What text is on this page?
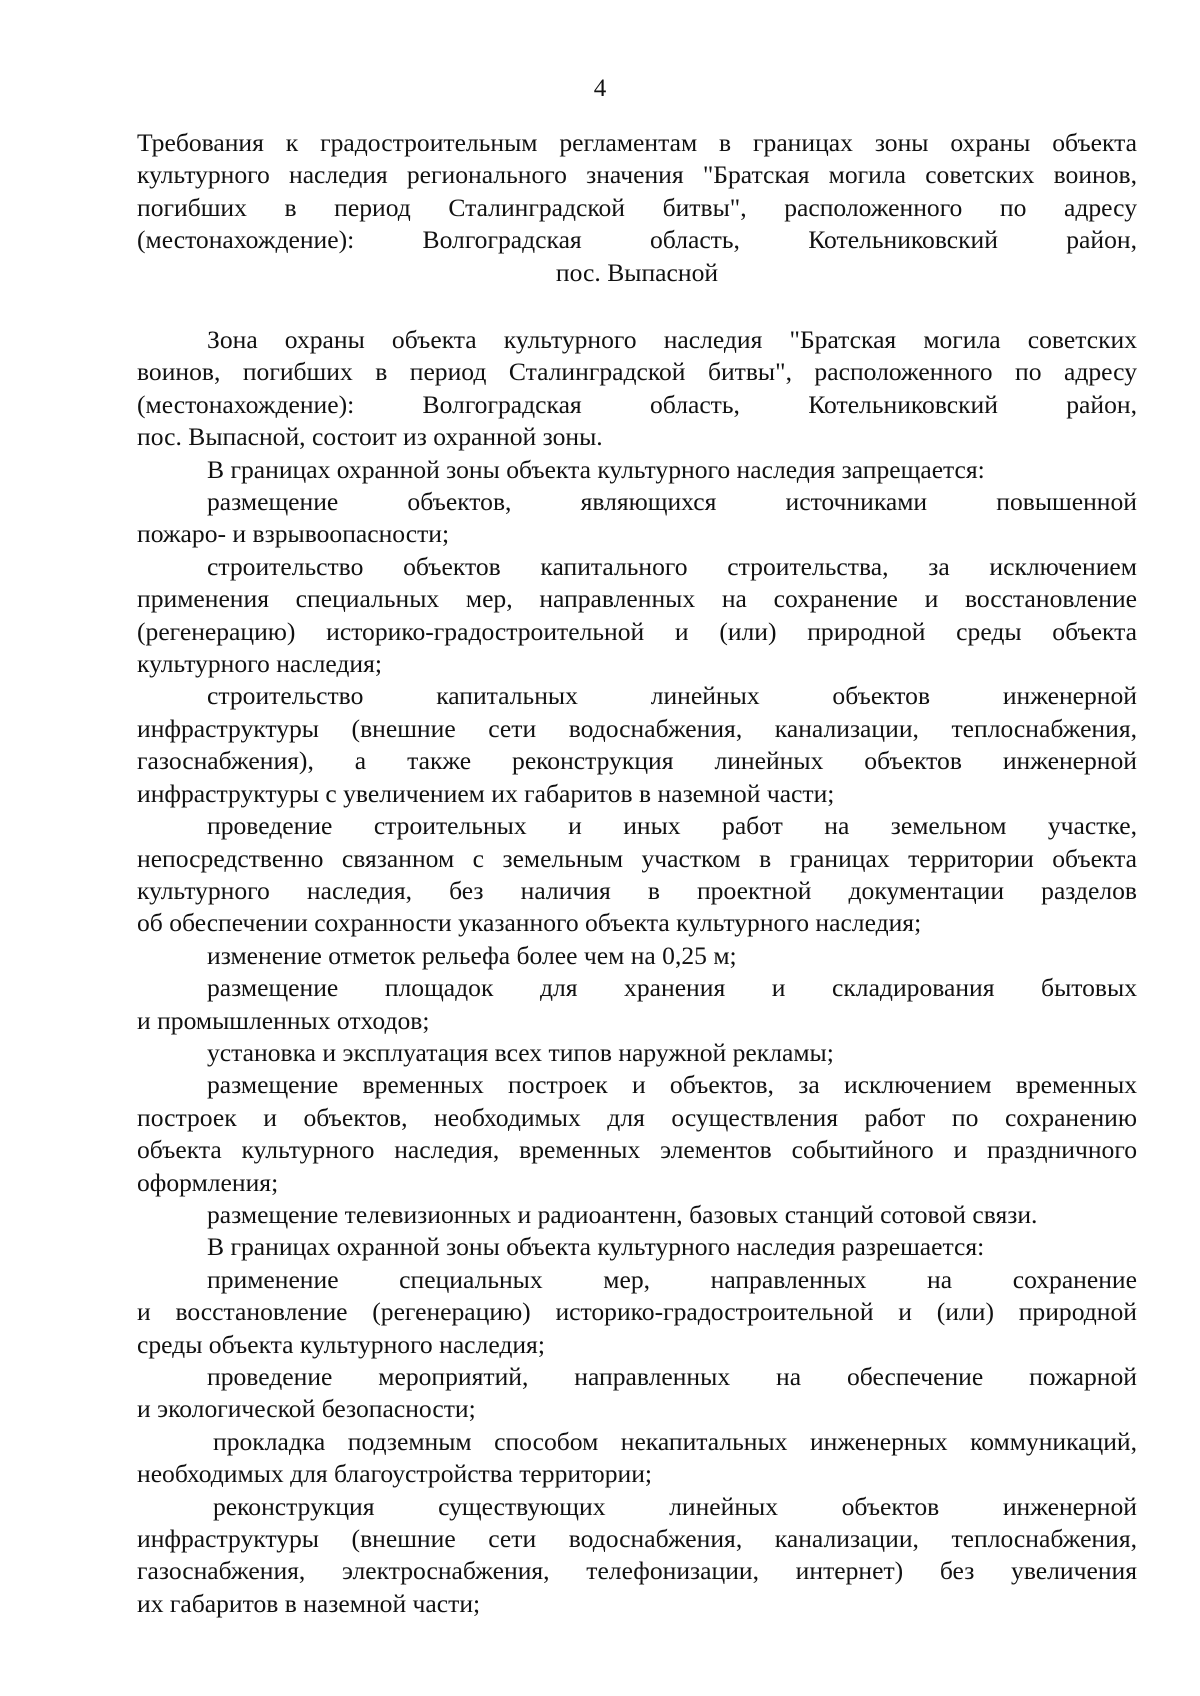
4
Требования к градостроительным регламентам в границах зоны охраны объекта
культурного наследия регионального значения "Братская могила советских воинов,
погибших в период Сталинградской битвы", расположенного по адресу
(местонахождение): Волгоградская область, Котельниковский район,
пос. Выпасной
Зона охраны объекта культурного наследия "Братская могила советских
воинов, погибших в период Сталинградской битвы", расположенного по адресу
(местонахождение): Волгоградская область, Котельниковский район,
пос. Выпасной, состоит из охранной зоны.
В границах охранной зоны объекта культурного наследия запрещается:
размещение объектов, являющихся источниками повышенной
пожаро- и взрывоопасности;
строительство объектов капитального строительства, за исключением
применения специальных мер, направленных на сохранение и восстановление
(регенерацию) историко-градостроительной и (или) природной среды объекта
культурного наследия;
строительство капитальных линейных объектов инженерной
инфраструктуры (внешние сети водоснабжения, канализации, теплоснабжения,
газоснабжения), а также реконструкция линейных объектов инженерной
инфраструктуры с увеличением их габаритов в наземной части;
проведение строительных и иных работ на земельном участке,
непосредственно связанном с земельным участком в границах территории объекта
культурного наследия, без наличия в проектной документации разделов
об обеспечении сохранности указанного объекта культурного наследия;
изменение отметок рельефа более чем на 0,25 м;
размещение площадок для хранения и складирования бытовых
и промышленных отходов;
установка и эксплуатация всех типов наружной рекламы;
размещение временных построек и объектов, за исключением временных
построек и объектов, необходимых для осуществления работ по сохранению
объекта культурного наследия, временных элементов событийного и праздничного
оформления;
размещение телевизионных и радиоантенн, базовых станций сотовой связи.
В границах охранной зоны объекта культурного наследия разрешается:
применение специальных мер, направленных на сохранение
и восстановление (регенерацию) историко-градостроительной и (или) природной
среды объекта культурного наследия;
проведение мероприятий, направленных на обеспечение пожарной
и экологической безопасности;
прокладка подземным способом некапитальных инженерных коммуникаций,
необходимых для благоустройства территории;
реконструкция существующих линейных объектов инженерной
инфраструктуры (внешние сети водоснабжения, канализации, теплоснабжения,
газоснабжения, электроснабжения, телефонизации, интернет) без увеличения
их габаритов в наземной части;
